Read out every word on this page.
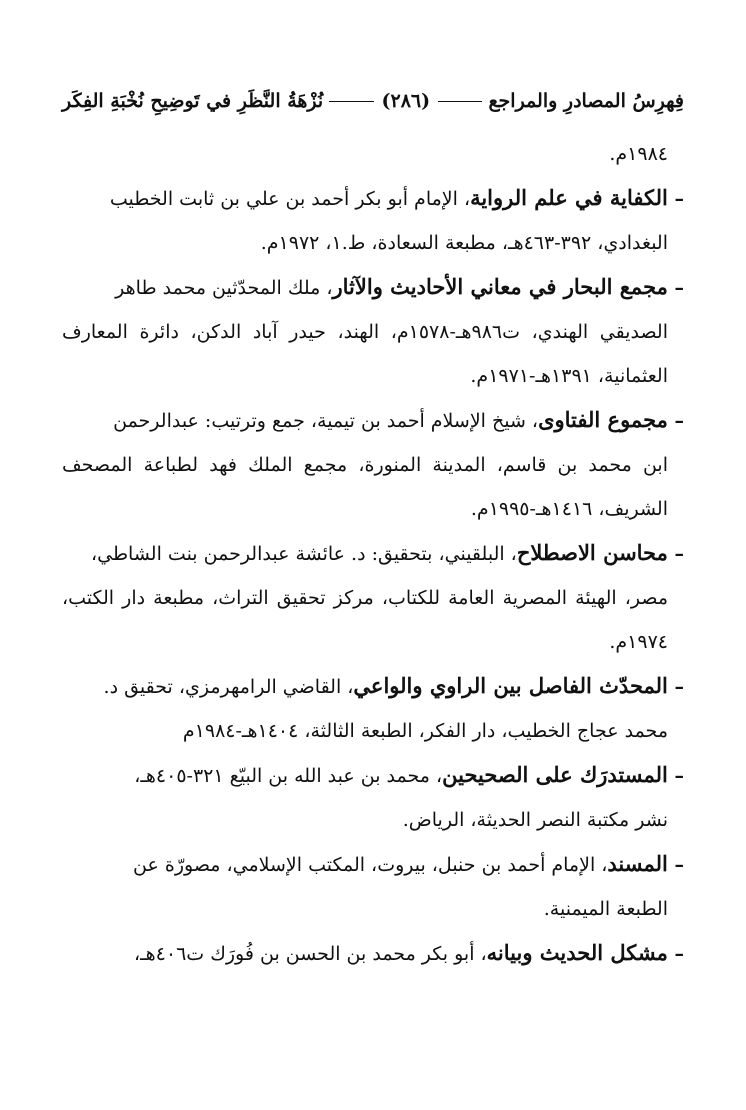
فِهرِسُ المصادرِ والمراجع
(٢٨٦)
نُزْهَةُ النَّظَرِ في تَوضِيحِ نُخْبَةِ الفِكَر
١٩٨٤م.
– الكفاية في علم الرواية، الإمام أبو بكر أحمد بن علي بن ثابت الخطيب
البغدادي، ٣٩٢-٤٦٣هـ، مطبعة السعادة، ط.١، ١٩٧٢م.
– مجمع البحار في معاني الأحاديث والآثار، ملك المحدّثين محمد طاهر
الصديقي الهندي، ت٩٨٦هـ-١٥٧٨م، الهند، حيدر آباد الدكن، دائرة المعارف العثمانية، ١٣٩١هـ-١٩٧١م.
– مجموع الفتاوى، شيخ الإسلام أحمد بن تيمية، جمع وترتيب: عبدالرحمن
ابن محمد بن قاسم، المدينة المنورة، مجمع الملك فهد لطباعة المصحف الشريف، ١٤١٦هـ-١٩٩٥م.
– محاسن الاصطلاح، البلقيني، بتحقيق: د. عائشة عبدالرحمن بنت الشاطي،
مصر، الهيئة المصرية العامة للكتاب، مركز تحقيق التراث، مطبعة دار الكتب، ١٩٧٤م.
– المحدّث الفاصل بين الراوي والواعي، القاضي الرامهرمزي، تحقيق د.
محمد عجاج الخطيب، دار الفكر، الطبعة الثالثة، ١٤٠٤هـ-١٩٨٤م
– المستدرَك على الصحيحين، محمد بن عبد الله بن البيّع ٣٢١-٤٠٥هـ،
نشر مكتبة النصر الحديثة، الرياض.
– المسند، الإمام أحمد بن حنبل، بيروت، المكتب الإسلامي، مصورّة عن
الطبعة الميمنية.
– مشكل الحديث وبيانه، أبو بكر محمد بن الحسن بن فُورَك ت٤٠٦هـ،
